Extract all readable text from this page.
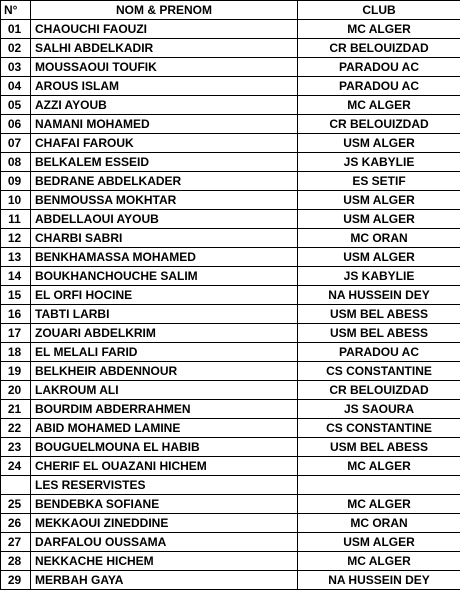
N°	NOM & PRENOM	CLUB
01	CHAOUCHI FAOUZI	MC ALGER
02	SALHI ABDELKADIR	CR BELOUIZDAD
03	MOUSSAOUI TOUFIK	PARADOU AC
04	AROUS ISLAM	PARADOU AC
05	AZZI AYOUB	MC ALGER
06	NAMANI MOHAMED	CR BELOUIZDAD
07	CHAFAI FAROUK	USM ALGER
08	BELKALEM ESSEID	JS KABYLIE
09	BEDRANE ABDELKADER	ES SETIF
10	BENMOUSSA MOKHTAR	USM ALGER
11	ABDELLAOUI AYOUB	USM ALGER
12	CHARBI SABRI	MC ORAN
13	BENKHAMASSA MOHAMED	USM ALGER
14	BOUKHANCHOUCHE SALIM	JS KABYLIE
15	EL ORFI HOCINE	NA HUSSEIN DEY
16	TABTI LARBI	USM BEL ABESS
17	ZOUARI ABDELKRIM	USM BEL ABESS
18	EL MELALI FARID	PARADOU AC
19	BELKHEIR ABDENNOUR	CS CONSTANTINE
20	LAKROUM ALI	CR BELOUIZDAD
21	BOURDIM ABDERRAHMEN	JS SAOURA
22	ABID MOHAMED LAMINE	CS CONSTANTINE
23	BOUGUELMOUNA EL HABIB	USM BEL ABESS
24	CHERIF EL OUAZANI HICHEM	MC ALGER
	LES RESERVISTES	
25	BENDEBKA SOFIANE	MC ALGER
26	MEKKAOUI ZINEDDINE	MC ORAN
27	DARFALOU OUSSAMA	USM ALGER
28	NEKKACHE HICHEM	MC ALGER
29	MERBAH GAYA	NA HUSSEIN DEY
